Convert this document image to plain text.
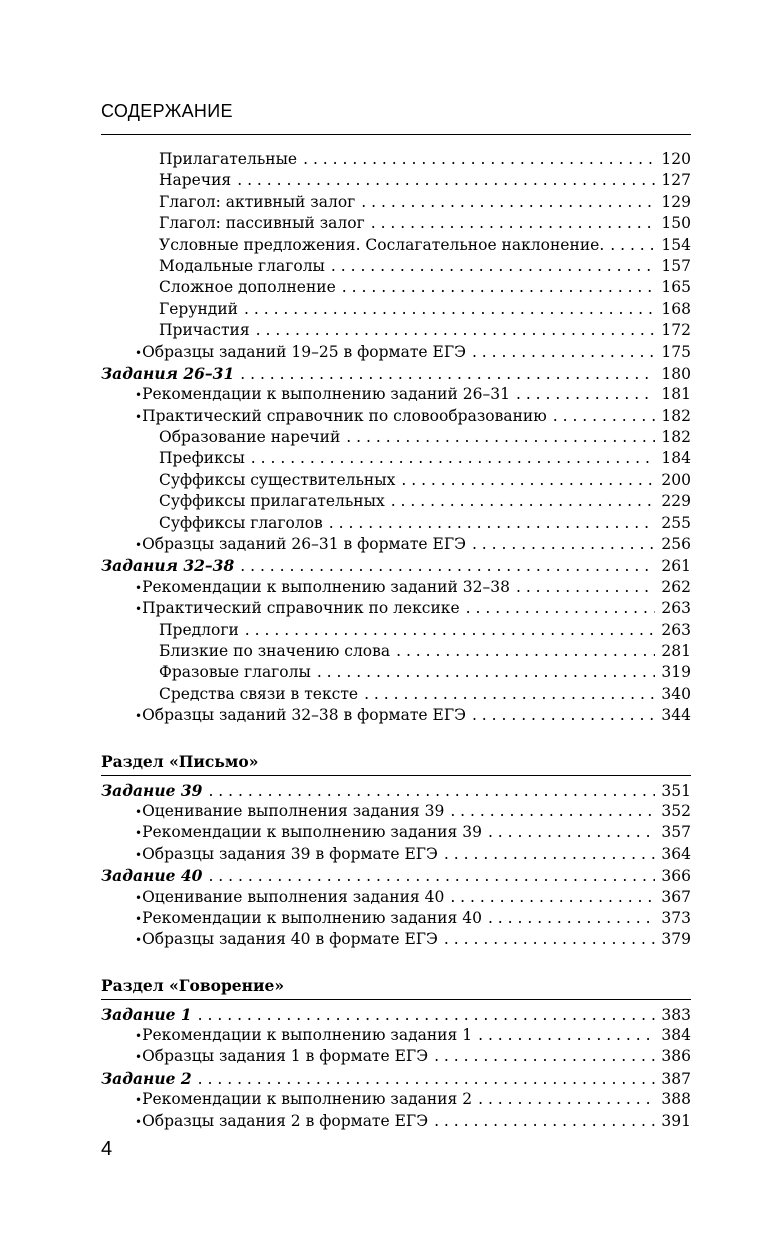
СОДЕРЖАНИЕ
Прилагательные . . .	120
Наречия . . .	127
Глагол: активный залог . . .	129
Глагол: пассивный залог . . .	150
Условные предложения. Сослагательное наклонение. . . .	154
Модальные глаголы . . .	157
Сложное дополнение . . .	165
Герундий . . .	168
Причастия . . .	172
• Образцы заданий 19–25 в формате ЕГЭ . . .	175
Задания 26–31 . . .	180
• Рекомендации к выполнению заданий 26–31 . . .	181
• Практический справочник по словообразованию . . .	182
Образование наречий . . .	182
Префиксы . . .	184
Суффиксы существительных . . .	200
Суффиксы прилагательных . . .	229
Суффиксы глаголов . . .	255
• Образцы заданий 26–31 в формате ЕГЭ . . .	256
Задания 32–38 . . .	261
• Рекомендации к выполнению заданий 32–38 . . .	262
• Практический справочник по лексике . . .	263
Предлоги . . .	263
Близкие по значению слова . . .	281
Фразовые глаголы . . .	319
Средства связи в тексте . . .	340
• Образцы заданий 32–38 в формате ЕГЭ . . .	344
Раздел «Письмо»
Задание 39 . . .	351
• Оценивание выполнения задания 39 . . .	352
• Рекомендации к выполнению задания 39 . . .	357
• Образцы задания 39 в формате ЕГЭ . . .	364
Задание 40 . . .	366
• Оценивание выполнения задания 40 . . .	367
• Рекомендации к выполнению задания 40 . . .	373
• Образцы задания 40 в формате ЕГЭ . . .	379
Раздел «Говорение»
Задание 1 . . .	383
• Рекомендации к выполнению задания 1 . . .	384
• Образцы задания 1 в формате ЕГЭ . . .	386
Задание 2 . . .	387
• Рекомендации к выполнению задания 2 . . .	388
• Образцы задания 2 в формате ЕГЭ . . .	391
4
